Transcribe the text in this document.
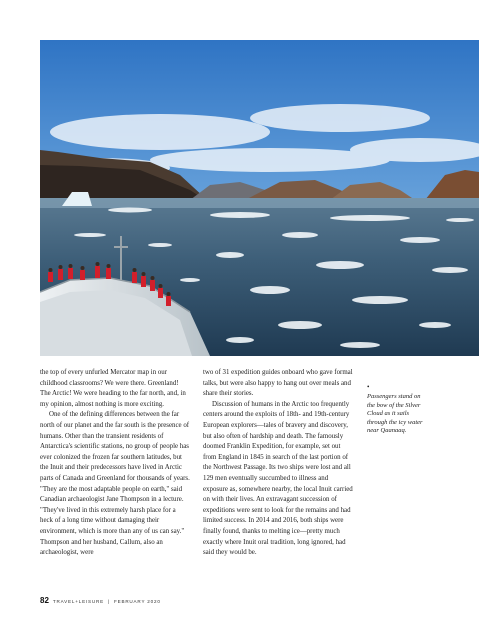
the top of every unfurled Mercator map in our childhood classrooms? We were there. Greenland! The Arctic! We were heading to the far north, and, in my opinion, almost nothing is more exciting.

One of the defining differences between the far north of our planet and the far south is the presence of humans. Other than the transient residents of Antarctica's scientific stations, no group of people has ever colonized the frozen far southern latitudes, but the Inuit and their predecessors have lived in Arctic parts of Canada and Greenland for thousands of years. "They are the most adaptable people on earth," said Canadian archaeologist Jane Thompson in a lecture. "They've lived in this extremely harsh place for a heck of a long time without damaging their environment, which is more than any of us can say." Thompson and her husband, Callum, also an archaeologist, were

two of 31 expedition guides onboard who gave formal talks, but were also happy to hang out over meals and share their stories.

Discussion of humans in the Arctic too frequently centers around the exploits of 18th- and 19th-century European explorers—tales of bravery and discovery, but also often of hardship and death. The famously doomed Franklin Expedition, for example, set out from England in 1845 in search of the last portion of the Northwest Passage. Its two ships were lost and all 129 men eventually succumbed to illness and exposure as, somewhere nearby, the local Inuit carried on with their lives. An extravagant succession of expeditions were sent to look for the remains and had limited success. In 2014 and 2016, both ships were finally found, thanks to melting ice—pretty much exactly where Inuit oral tradition, long ignored, had said they would be.

•
Passengers stand on the bow of the Silver Cloud as it sails through the icy water near Qaanaaq.
82 TRAVEL+LEISURE | FEBRUARY 2020
